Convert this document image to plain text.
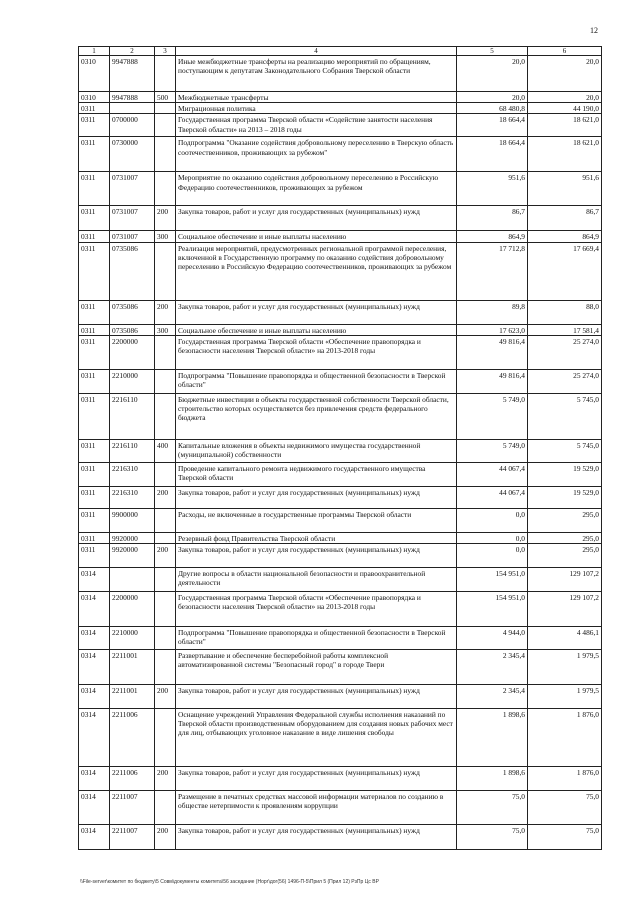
12
1	2	3	4	5	6
0310	9947888		Иные межбюджетные трансферты на реализацию мероприятий по обращениям, поступающим к депутатам Законодательного Собрания Тверской области	20,0	20,0
0310	9947888	500	Межбюджетные трансферты	20,0	20,0
0311			Миграционная политика	68 480,8	44 190,0
0311	0700000		Государственная программа Тверской области «Содействие занятости населения Тверской области» на 2013 – 2018 годы	18 664,4	18 621,0
0311	0730000		Подпрограмма "Оказание содействия добровольному переселению в Тверскую область соотечественников, проживающих за рубежом"	18 664,4	18 621,0
0311	0731007		Мероприятие по оказанию содействия добровольному переселению в Российскую Федерацию соотечественников, проживающих за рубежом	951,6	951,6
0311	0731007	200	Закупка товаров, работ и услуг для государственных (муниципальных) нужд	86,7	86,7
0311	0731007	300	Социальное обеспечение и иные выплаты населению	864,9	864,9
0311	0735086		Реализация мероприятий, предусмотренных региональной программой переселения, включенной в Государственную программу по оказанию содействия добровольному переселению в Российскую Федерацию соотечественников, проживающих за рубежом	17 712,8	17 669,4
0311	0735086	200	Закупка товаров, работ и услуг для государственных (муниципальных) нужд	89,8	88,0
0311	0735086	300	Социальное обеспечение и иные выплаты населению	17 623,0	17 581,4
0311	2200000		Государственная программа Тверской области «Обеспечение правопорядка и безопасности населения Тверской области» на 2013-2018 годы	49 816,4	25 274,0
0311	2210000		Подпрограмма "Повышение правопорядка и общественной безопасности в Тверской области"	49 816,4	25 274,0
0311	2216110		Бюджетные инвестиции в объекты государственной собственности Тверской области, строительство которых осуществляется без привлечения средств федерального бюджета	5 749,0	5 745,0
0311	2216110	400	Капитальные вложения в объекты недвижимого имущества государственной (муниципальной) собственности	5 749,0	5 745,0
0311	2216310		Проведение капитального ремонта недвижимого государственного имущества Тверской области	44 067,4	19 529,0
0311	2216310	200	Закупка товаров, работ и услуг для государственных (муниципальных) нужд	44 067,4	19 529,0
0311	9900000		Расходы, не включенные в государственные программы Тверской области	0,0	295,0
0311	9920000		Резервный фонд Правительства Тверской области	0,0	295,0
0311	9920000	200	Закупка товаров, работ и услуг для государственных (муниципальных) нужд	0,0	295,0
0314			Другие вопросы в области национальной безопасности и правоохранительной деятельности	154 951,0	129 107,2
0314	2200000		Государственная программа Тверской области «Обеспечение правопорядка и безопасности населения Тверской области» на 2013-2018 годы	154 951,0	129 107,2
0314	2210000		Подпрограмма "Повышение правопорядка и общественной безопасности в Тверской области"	4 944,0	4 486,1
0314	2211001		Развертывание и обеспечение бесперебойной работы комплексной автоматизированной системы "Безопасный город" в городе Твери	2 345,4	1 979,5
0314	2211001	200	Закупка товаров, работ и услуг для государственных (муниципальных) нужд	2 345,4	1 979,5
0314	2211006		Оснащение учреждений Управления Федеральной службы исполнения наказаний по Тверской области производственным оборудованием для создания новых рабочих мест для лиц, отбывающих уголовное наказание в виде лишения свободы	1 898,6	1 876,0
0314	2211006	200	Закупка товаров, работ и услуг для государственных (муниципальных) нужд	1 898,6	1 876,0
0314	2211007		Размещение в печатных средствах массовой информации материалов по созданию в обществе нетерпимости к проявлениям коррупции	75,0	75,0
0314	2211007	200	Закупка товаров, работ и услуг для государственных (муниципальных) нужд	75,0	75,0
\\File-server\комитет по бюджету\5 Совм\документы комитета\56 заседание (Норг\дог(56) 1496-П-5\Прил 5 (Прил 12) РзПр Цс ВР
